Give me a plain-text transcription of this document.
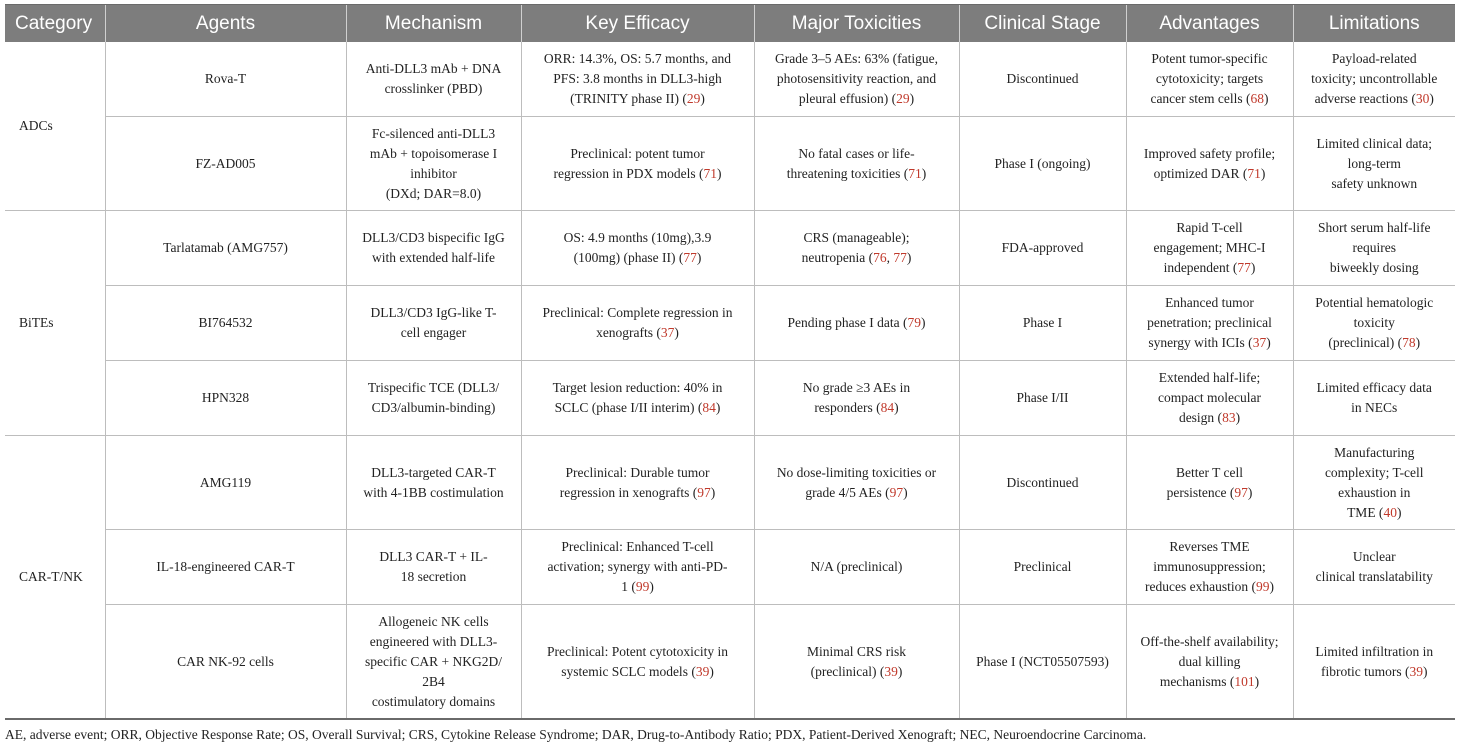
Category	Agents	Mechanism	Key Efficacy	Major Toxicities	Clinical Stage	Advantages	Limitations
ADCs	Rova-T	Anti-DLL3 mAb + DNA
crosslinker (PBD)	ORR: 14.3%, OS: 5.7 months, and
PFS: 3.8 months in DLL3-high
(TRINITY phase II) (29)	Grade 3–5 AEs: 63% (fatigue,
photosensitivity reaction, and
pleural effusion) (29)	Discontinued	Potent tumor-specific
cytotoxicity; targets
cancer stem cells (68)	Payload-related
toxicity; uncontrollable
adverse reactions (30)
	FZ-AD005	Fc-silenced anti-DLL3
mAb + topoisomerase I
inhibitor
(DXd; DAR=8.0)	Preclinical: potent tumor
regression in PDX models (71)	No fatal cases or life-
threatening toxicities (71)	Phase I (ongoing)	Improved safety profile;
optimized DAR (71)	Limited clinical data;
long-term
safety unknown
BiTEs	Tarlatamab (AMG757)	DLL3/CD3 bispecific IgG
with extended half-life	OS: 4.9 months (10mg),3.9
(100mg) (phase II) (77)	CRS (manageable);
neutropenia (76, 77)	FDA-approved	Rapid T-cell
engagement; MHC-I
independent (77)	Short serum half-life
requires
biweekly dosing
	BI764532	DLL3/CD3 IgG-like T-
cell engager	Preclinical: Complete regression in
xenografts (37)	Pending phase I data (79)	Phase I	Enhanced tumor
penetration; preclinical
synergy with ICIs (37)	Potential hematologic
toxicity
(preclinical) (78)
	HPN328	Trispecific TCE (DLL3/
CD3/albumin-binding)	Target lesion reduction: 40% in
SCLC (phase I/II interim) (84)	No grade ≥3 AEs in
responders (84)	Phase I/II	Extended half-life;
compact molecular
design (83)	Limited efficacy data
in NECs
CAR-T/NK	AMG119	DLL3-targeted CAR-T
with 4-1BB costimulation	Preclinical: Durable tumor
regression in xenografts (97)	No dose-limiting toxicities or
grade 4/5 AEs (97)	Discontinued	Better T cell
persistence (97)	Manufacturing
complexity; T-cell
exhaustion in
TME (40)
	IL-18-engineered CAR-T	DLL3 CAR-T + IL-
18 secretion	Preclinical: Enhanced T-cell
activation; synergy with anti-PD-
1 (99)	N/A (preclinical)	Preclinical	Reverses TME
immunosuppression;
reduces exhaustion (99)	Unclear
clinical translatability
	CAR NK-92 cells	Allogeneic NK cells
engineered with DLL3-
specific CAR + NKG2D/
2B4
costimulatory domains	Preclinical: Potent cytotoxicity in
systemic SCLC models (39)	Minimal CRS risk
(preclinical) (39)	Phase I (NCT05507593)	Off-the-shelf availability;
dual killing
mechanisms (101)	Limited infiltration in
fibrotic tumors (39)
AE, adverse event; ORR, Objective Response Rate; OS, Overall Survival; CRS, Cytokine Release Syndrome; DAR, Drug-to-Antibody Ratio; PDX, Patient-Derived Xenograft; NEC, Neuroendocrine Carcinoma.
